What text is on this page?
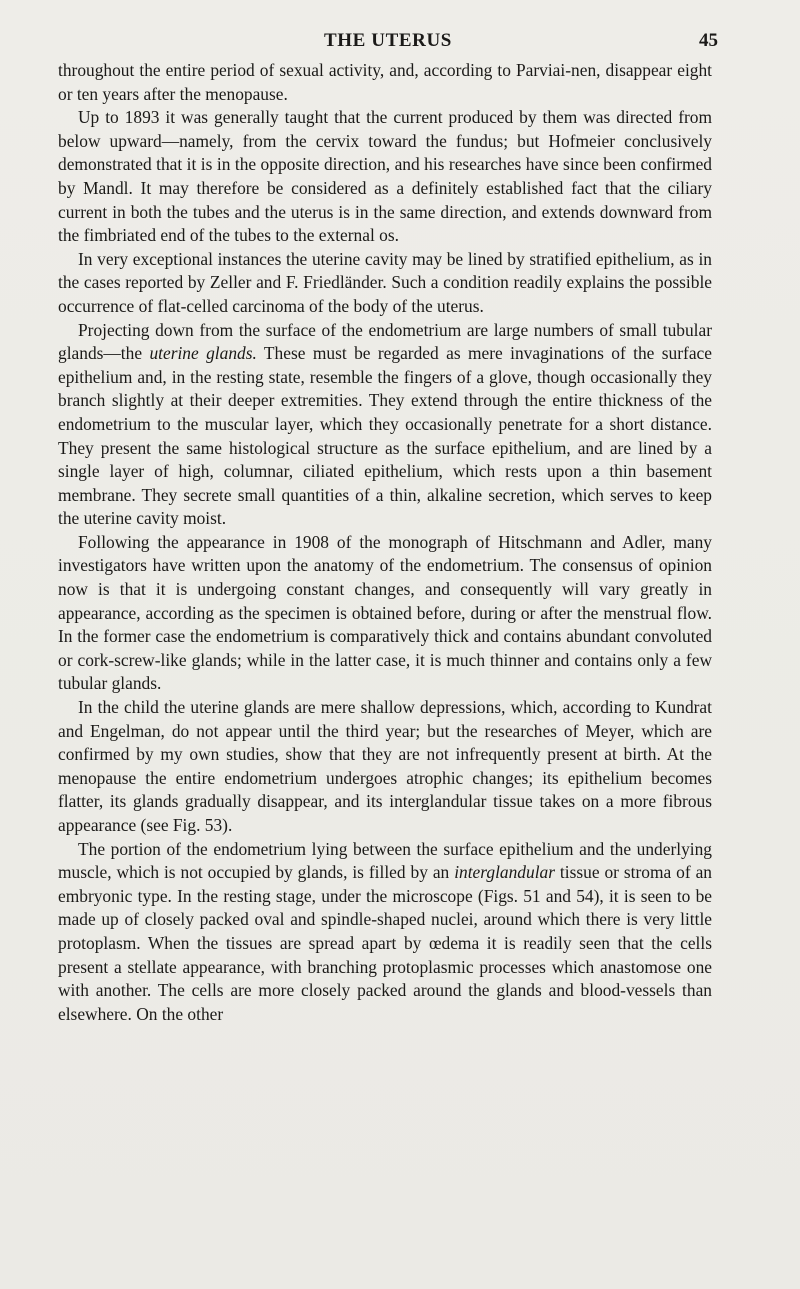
THE UTERUS	45

throughout the entire period of sexual activity, and, according to Parviai-nen, disappear eight or ten years after the menopause.

Up to 1893 it was generally taught that the current produced by them was directed from below upward—namely, from the cervix toward the fundus; but Hofmeier conclusively demonstrated that it is in the opposite direction, and his researches have since been confirmed by Mandl. It may therefore be considered as a definitely established fact that the ciliary current in both the tubes and the uterus is in the same direction, and extends downward from the fimbriated end of the tubes to the external os.

In very exceptional instances the uterine cavity may be lined by stratified epithelium, as in the cases reported by Zeller and F. Friedländer. Such a condition readily explains the possible occurrence of flat-celled carcinoma of the body of the uterus.

Projecting down from the surface of the endometrium are large numbers of small tubular glands—the uterine glands. These must be regarded as mere invaginations of the surface epithelium and, in the resting state, resemble the fingers of a glove, though occasionally they branch slightly at their deeper extremities. They extend through the entire thickness of the endometrium to the muscular layer, which they occasionally penetrate for a short distance. They present the same histological structure as the surface epithelium, and are lined by a single layer of high, columnar, ciliated epithelium, which rests upon a thin basement membrane. They secrete small quantities of a thin, alkaline secretion, which serves to keep the uterine cavity moist.

Following the appearance in 1908 of the monograph of Hitschmann and Adler, many investigators have written upon the anatomy of the endometrium. The consensus of opinion now is that it is undergoing constant changes, and consequently will vary greatly in appearance, according as the specimen is obtained before, during or after the menstrual flow. In the former case the endometrium is comparatively thick and contains abundant convoluted or cork-screw-like glands; while in the latter case, it is much thinner and contains only a few tubular glands.

In the child the uterine glands are mere shallow depressions, which, according to Kundrat and Engelman, do not appear until the third year; but the researches of Meyer, which are confirmed by my own studies, show that they are not infrequently present at birth. At the menopause the entire endometrium undergoes atrophic changes; its epithelium becomes flatter, its glands gradually disappear, and its interglandular tissue takes on a more fibrous appearance (see Fig. 53).

The portion of the endometrium lying between the surface epithelium and the underlying muscle, which is not occupied by glands, is filled by an interglandular tissue or stroma of an embryonic type. In the resting stage, under the microscope (Figs. 51 and 54), it is seen to be made up of closely packed oval and spindle-shaped nuclei, around which there is very little protoplasm. When the tissues are spread apart by œdema it is readily seen that the cells present a stellate appearance, with branching protoplasmic processes which anastomose one with another. The cells are more closely packed around the glands and blood-vessels than elsewhere. On the other
